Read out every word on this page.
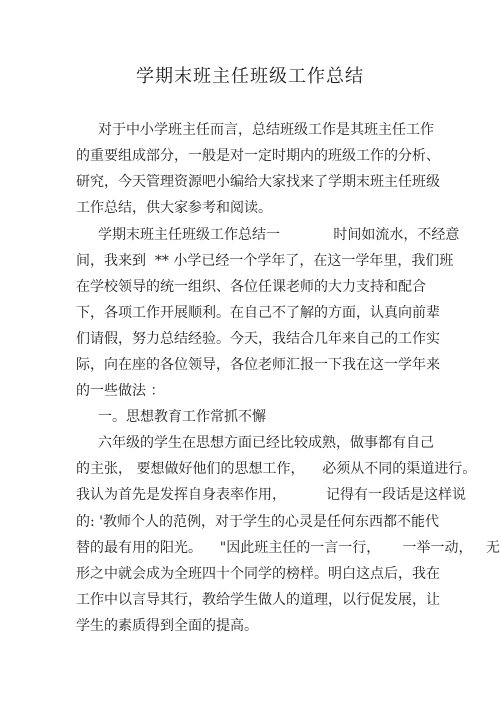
学期末班主任班级工作总结
对于中小学班主任而言，总结班级工作是其班主任工作
的重要组成部分，一般是对一定时期内的班级工作的分析、
研究，今天管理资源吧小编给大家找来了学期末班主任班级
工作总结，供大家参考和阅读。
学期末班主任班级工作总结一            时间如流水，不经意
间，我来到  ** 小学已经一个学年了，在这一学年里，我们班
在学校领导的统一组织、各位任课老师的大力支持和配合
下，各项工作开展顺利。在自己不了解的方面，认真向前辈
们请假，努力总结经验。今天，我结合几年来自己的工作实
际，向在座的各位领导，各位老师汇报一下我在这一学年来
的一些做法 ：
一。思想教育工作常抓不懈
六年级的学生在思想方面已经比较成熟，做事都有自己
的主张， 要想做好他们的思想工作，    必须从不同的渠道进行。
我认为首先是发挥自身表率作用，         记得有一段话是这样说
的: '教师个人的范例，对于学生的心灵是任何东西都不能代
替的最有用的阳光。    "因此班主任的一言一行，     一举一动，   无
形之中就会成为全班四十个同学的榜样。明白这点后，我在
工作中以言导其行，教给学生做人的道理，以行促发展，让
学生的素质得到全面的提高。
